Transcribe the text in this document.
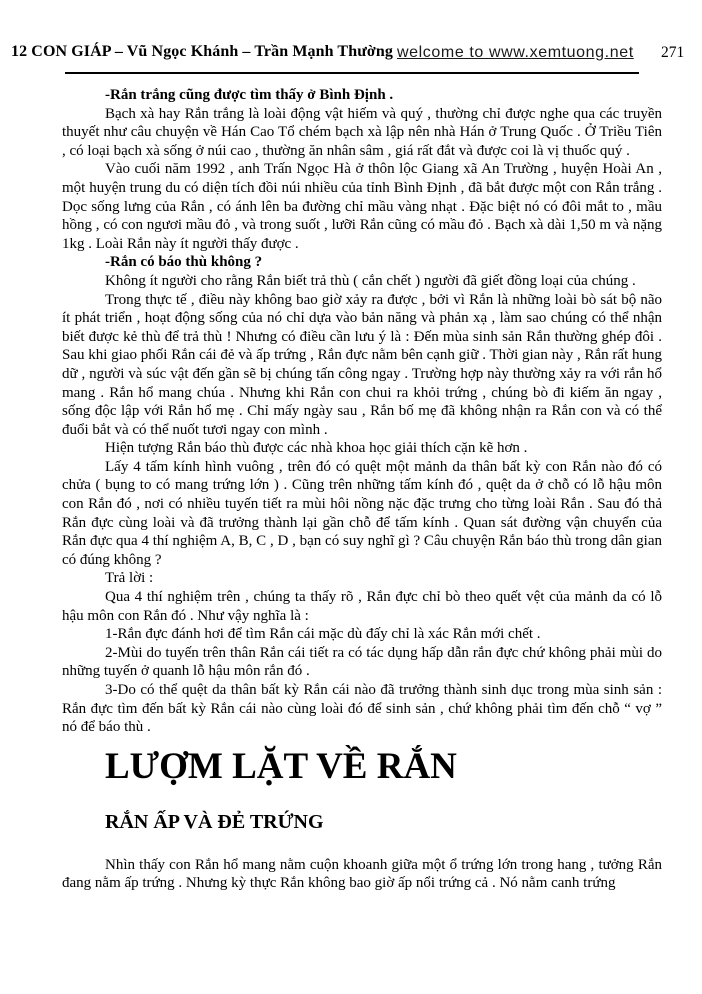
12 CON GIÁP – Vũ Ngọc Khánh – Trần Mạnh Thường welcome to www.xemtuong.net 271

-Rắn trắng cũng được tìm thấy ở Bình Định .

Bạch xà hay Rắn trắng là loài động vật hiếm và quý , thường chỉ được nghe qua các truyền thuyết như câu chuyện về Hán Cao Tổ chém bạch xà lập nên nhà Hán ở Trung Quốc . Ở Triều Tiên , có loại bạch xà sống ở núi cao , thường ăn nhân sâm , giá rất đắt và được coi là vị thuốc quý .

Vào cuối năm 1992 , anh Trấn Ngọc Hà ở thôn lộc Giang xã An Trường , huyện Hoài An , một huyện trung du có diện tích đồi núi nhiều của tỉnh Bình Định , đã bắt được một con Rắn trắng . Dọc sống lưng của Rắn , có ánh lên ba đường chỉ mầu vàng nhạt . Đặc biệt nó có đôi mắt to , mầu hồng , có con ngươi mầu đỏ , và trong suốt , lưỡi Rắn cũng có mầu đỏ . Bạch xà dài 1,50 m và nặng 1kg . Loài Rắn này ít người thấy được .

-Rắn có báo thù không ?

Không ít người cho rằng Rắn biết trả thù ( cắn chết ) người đã giết đồng loại của chúng .

Trong thực tế , điều này không bao giờ xảy ra được , bởi vì Rắn là những loài bò sát bộ não ít phát triển , hoạt động sống của nó chỉ dựa vào bản năng và phản xạ , làm sao chúng có thể nhận biết được kẻ thù để trả thù ! Nhưng có điều cần lưu ý là : Đến mùa sinh sản Rắn thường ghép đôi . Sau khi giao phối Rắn cái đẻ và ấp trứng , Rắn đực nằm bên cạnh giữ . Thời gian này , Rắn rất hung dữ , người và súc vật đến gần sẽ bị chúng tấn công ngay . Trường hợp này thường xảy ra với rắn hổ mang . Rắn hổ mang chúa . Nhưng khi Rắn con chui ra khỏi trứng , chúng bò đi kiếm ăn ngay , sống độc lập với Rắn hổ mẹ . Chỉ mấy ngày sau , Rắn bố mẹ đã không nhận ra Rắn con và có thể đuổi bắt và có thể nuốt tươi ngay con mình .

Hiện tượng Rắn báo thù được các nhà khoa học giải thích cặn kẽ hơn .

Lấy 4 tấm kính hình vuông , trên đó có quệt một mảnh da thân bất kỳ con Rắn nào đó có chửa ( bụng to có mang trứng lớn ) . Cũng trên những tấm kính đó , quệt da ở chỗ có lỗ hậu môn con Rắn đó , nơi có nhiều tuyến tiết ra mùi hôi nồng nặc đặc trưng cho từng loài Rắn . Sau đó thả Rắn đực cùng loài và đã trưởng thành lại gần chỗ để tấm kính . Quan sát đường vận chuyển của Rắn đực qua 4 thí nghiệm A, B, C , D , bạn có suy nghĩ gì ? Câu chuyện Rắn báo thù trong dân gian có đúng không ?

Trả lời :

Qua 4 thí nghiệm trên , chúng ta thấy rõ , Rắn đực chỉ bò theo quết vệt của mảnh da có lỗ hậu môn con Rắn đó . Như vậy nghĩa là :

1-Rắn đực đánh hơi để tìm Rắn cái mặc dù đấy chỉ là xác Rắn mới chết .

2-Mùi do tuyến trên thân Rắn cái tiết ra có tác dụng hấp dẫn rắn đực chứ không phải mùi do những tuyến ở quanh lỗ hậu môn rắn đó .

3-Do có thể quệt da thân bất kỳ Rắn cái nào đã trưởng thành sinh dục trong mùa sinh sản : Rắn đực tìm đến bất kỳ Rắn cái nào cùng loài đó để sinh sản , chứ không phải tìm đến chỗ “ vợ ” nó để báo thù .

LƯỢM LẶT VỀ RẮN
RẮN ẤP VÀ ĐẺ TRỨNG

Nhìn thấy con Rắn hổ mang nằm cuộn khoanh giữa một ổ trứng lớn trong hang , tưởng Rắn đang nằm ấp trứng . Nhưng kỳ thực Rắn không bao giờ ấp nổi trứng cả . Nó nằm canh trứng
